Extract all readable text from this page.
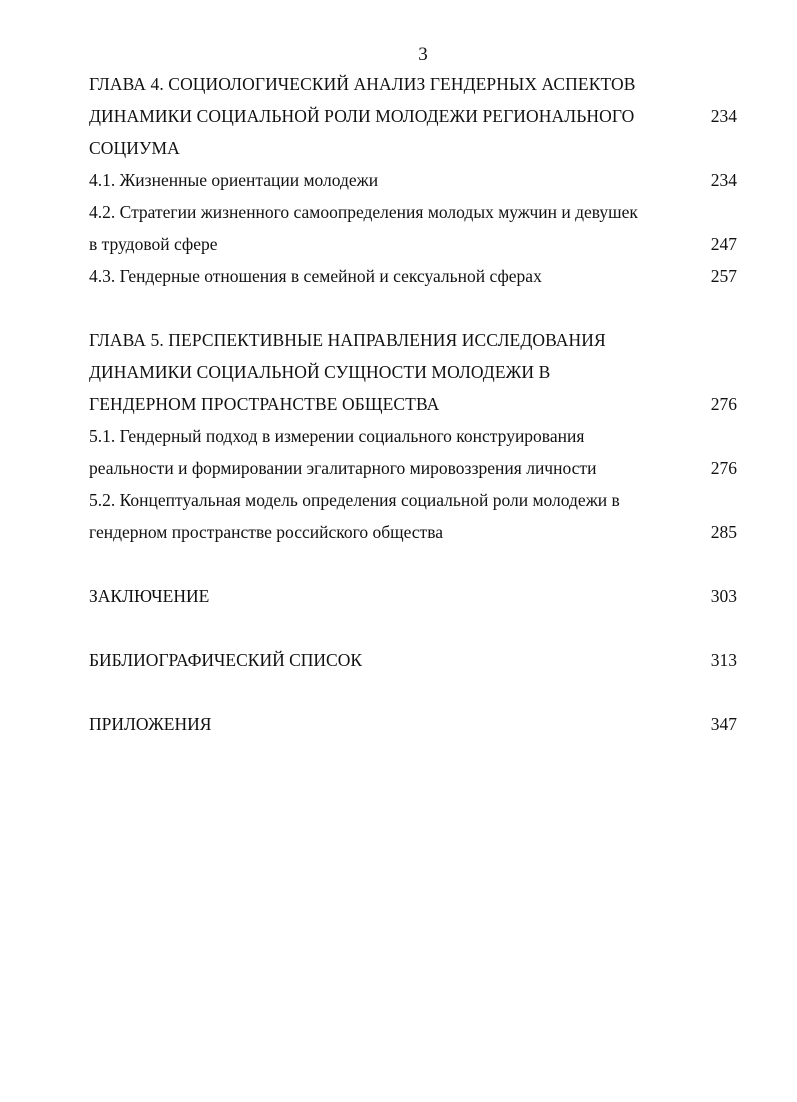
3
ГЛАВА 4. СОЦИОЛОГИЧЕСКИЙ АНАЛИЗ ГЕНДЕРНЫХ АСПЕКТОВ
ДИНАМИКИ СОЦИАЛЬНОЙ РОЛИ МОЛОДЕЖИ РЕГИОНАЛЬНОГО	234
СОЦИУМА
4.1. Жизненные ориентации молодежи	234
4.2. Стратегии жизненного самоопределения молодых мужчин и девушек
в трудовой сфере	247
4.3. Гендерные отношения в семейной и сексуальной сферах	257
ГЛАВА 5. ПЕРСПЕКТИВНЫЕ НАПРАВЛЕНИЯ ИССЛЕДОВАНИЯ
ДИНАМИКИ СОЦИАЛЬНОЙ СУЩНОСТИ МОЛОДЕЖИ В
ГЕНДЕРНОМ ПРОСТРАНСТВЕ ОБЩЕСТВА	276
5.1. Гендерный подход в измерении социального конструирования
реальности и формировании эгалитарного мировоззрения личности	276
5.2. Концептуальная модель определения социальной роли молодежи в
гендерном пространстве российского общества	285
ЗАКЛЮЧЕНИЕ	303
БИБЛИОГРАФИЧЕСКИЙ СПИСОК	313
ПРИЛОЖЕНИЯ	347
